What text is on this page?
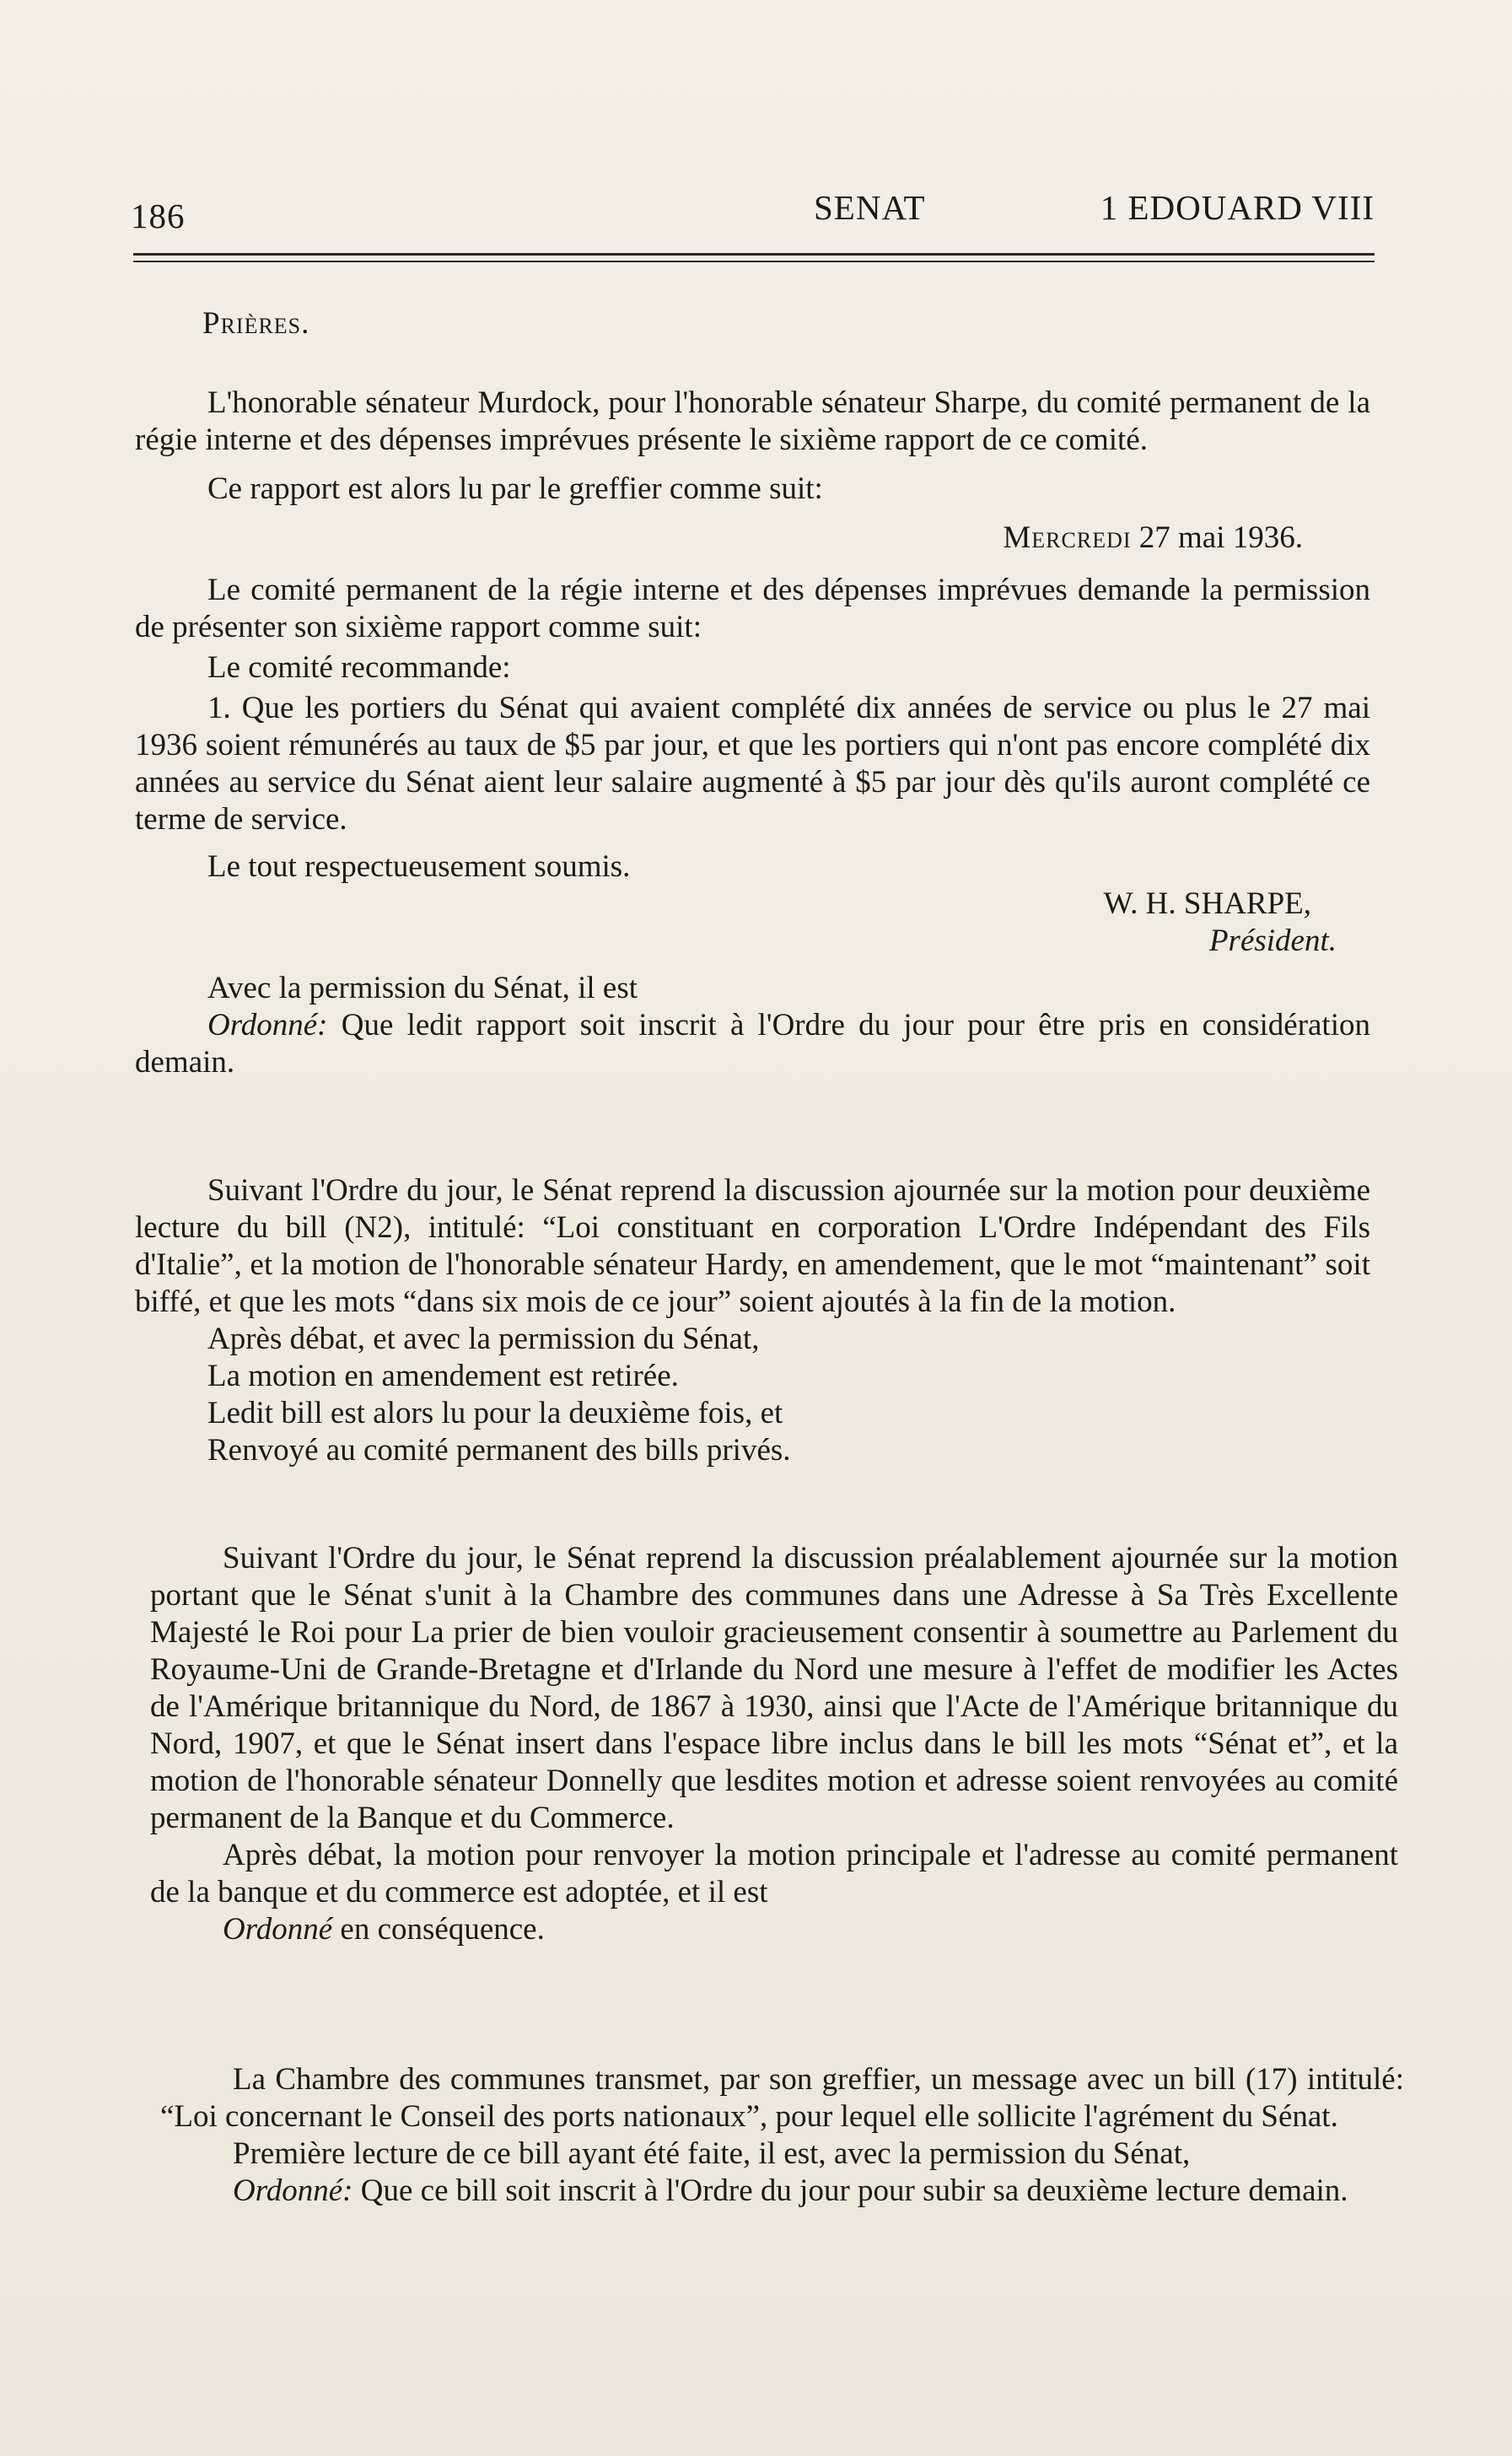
186	SENAT	1 EDOUARD VIII

Prières.

L'honorable sénateur Murdock, pour l'honorable sénateur Sharpe, du comité permanent de la régie interne et des dépenses imprévues présente le sixième rapport de ce comité.

Ce rapport est alors lu par le greffier comme suit:

Mercredi 27 mai 1936.

Le comité permanent de la régie interne et des dépenses imprévues demande la permission de présenter son sixième rapport comme suit:

Le comité recommande:

1. Que les portiers du Sénat qui avaient complété dix années de service ou plus le 27 mai 1936 soient rémunérés au taux de $5 par jour, et que les portiers qui n'ont pas encore complété dix années au service du Sénat aient leur salaire augmenté à $5 par jour dès qu'ils auront complété ce terme de service.

Le tout respectueusement soumis.

W. H. SHARPE,
Président.

Avec la permission du Sénat, il est

Ordonné: Que ledit rapport soit inscrit à l'Ordre du jour pour être pris en considération demain.

Suivant l'Ordre du jour, le Sénat reprend la discussion ajournée sur la motion pour deuxième lecture du bill (N2), intitulé: “Loi constituant en corporation L'Ordre Indépendant des Fils d'Italie”, et la motion de l'honorable sénateur Hardy, en amendement, que le mot “maintenant” soit biffé, et que les mots “dans six mois de ce jour” soient ajoutés à la fin de la motion.

Après débat, et avec la permission du Sénat,

La motion en amendement est retirée.

Ledit bill est alors lu pour la deuxième fois, et

Renvoyé au comité permanent des bills privés.

Suivant l'Ordre du jour, le Sénat reprend la discussion préalablement ajournée sur la motion portant que le Sénat s'unit à la Chambre des communes dans une Adresse à Sa Très Excellente Majesté le Roi pour La prier de bien vouloir gracieusement consentir à soumettre au Parlement du Royaume-Uni de Grande-Bretagne et d'Irlande du Nord une mesure à l'effet de modifier les Actes de l'Amérique britannique du Nord, de 1867 à 1930, ainsi que l'Acte de l'Amérique britannique du Nord, 1907, et que le Sénat insert dans l'espace libre inclus dans le bill les mots “Sénat et”, et la motion de l'honorable sénateur Donnelly que lesdites motion et adresse soient renvoyées au comité permanent de la Banque et du Commerce.

Après débat, la motion pour renvoyer la motion principale et l'adresse au comité permanent de la banque et du commerce est adoptée, et il est

Ordonné en conséquence.

La Chambre des communes transmet, par son greffier, un message avec un bill (17) intitulé: “Loi concernant le Conseil des ports nationaux”, pour lequel elle sollicite l'agrément du Sénat.

Première lecture de ce bill ayant été faite, il est, avec la permission du Sénat,

Ordonné: Que ce bill soit inscrit à l'Ordre du jour pour subir sa deuxième lecture demain.
